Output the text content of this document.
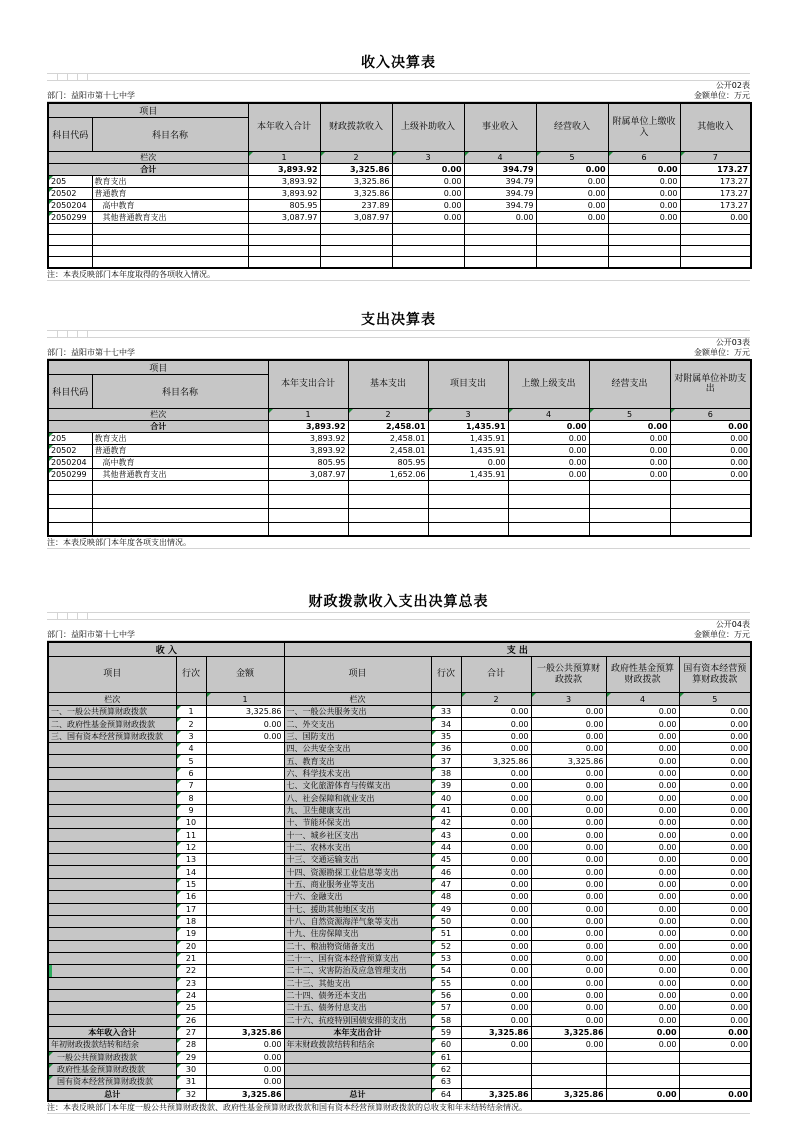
收入决算表
公开02表
部门：益阳市第十七中学	金额单位：万元
项目		本年收入合计	财政拨款收入	上级补助收入	事业收入	经营收入	附属单位上缴收入	其他收入
科目代码	科目名称							
栏次		1	2	3	4	5	6	7
合计		3,893.92	3,325.86	0.00	394.79	0.00	0.00	173.27
205	教育支出	3,893.92	3,325.86	0.00	394.79	0.00	0.00	173.27
20502	普通教育	3,893.92	3,325.86	0.00	394.79	0.00	0.00	173.27
2050204	高中教育	805.95	237.89	0.00	394.79	0.00	0.00	173.27
2050299	其他普通教育支出	3,087.97	3,087.97	0.00	0.00	0.00	0.00	0.00

注：本表反映部门本年度取得的各项收入情况。
支出决算表
公开03表
部门：益阳市第十七中学	金额单位：万元
项目		本年支出合计	基本支出	项目支出	上缴上级支出	经营支出	对附属单位补助支出
科目代码	科目名称						
栏次		1	2	3	4	5	6
合计		3,893.92	2,458.01	1,435.91	0.00	0.00	0.00
205	教育支出	3,893.92	2,458.01	1,435.91	0.00	0.00	0.00
20502	普通教育	3,893.92	2,458.01	1,435.91	0.00	0.00	0.00
2050204	高中教育	805.95	805.95	0.00	0.00	0.00	0.00
2050299	其他普通教育支出	3,087.97	1,652.06	1,435.91	0.00	0.00	0.00

注：本表反映部门本年度各项支出情况。
财政拨款收入支出决算总表
公开04表
部门：益阳市第十七中学	金额单位：万元
收 入			支 出					
项目	行次	金额	项目	行次	合计	一般公共预算财政拨款	政府性基金预算财政拨款	国有资本经营预算财政拨款
栏次		1	栏次		2	3	4	5
一、一般公共预算财政拨款	1	3,325.86	一、一般公共服务支出	33	0.00	0.00	0.00	0.00
二、政府性基金预算财政拨款	2	0.00	二、外交支出	34	0.00	0.00	0.00	0.00
三、国有资本经营预算财政拨款	3	0.00	三、国防支出	35	0.00	0.00	0.00	0.00
	4		四、公共安全支出	36	0.00	0.00	0.00	0.00
	5		五、教育支出	37	3,325.86	3,325.86	0.00	0.00
	6		六、科学技术支出	38	0.00	0.00	0.00	0.00
	7		七、文化旅游体育与传媒支出	39	0.00	0.00	0.00	0.00
	8		八、社会保障和就业支出	40	0.00	0.00	0.00	0.00
	9		九、卫生健康支出	41	0.00	0.00	0.00	0.00
	10		十、节能环保支出	42	0.00	0.00	0.00	0.00
	11		十一、城乡社区支出	43	0.00	0.00	0.00	0.00
	12		十二、农林水支出	44	0.00	0.00	0.00	0.00
	13		十三、交通运输支出	45	0.00	0.00	0.00	0.00
	14		十四、资源勘探工业信息等支出	46	0.00	0.00	0.00	0.00
	15		十五、商业服务业等支出	47	0.00	0.00	0.00	0.00
	16		十六、金融支出	48	0.00	0.00	0.00	0.00
	17		十七、援助其他地区支出	49	0.00	0.00	0.00	0.00
	18		十八、自然资源海洋气象等支出	50	0.00	0.00	0.00	0.00
	19		十九、住房保障支出	51	0.00	0.00	0.00	0.00
	20		二十、粮油物资储备支出	52	0.00	0.00	0.00	0.00
	21		二十一、国有资本经营预算支出	53	0.00	0.00	0.00	0.00
	22		二十二、灾害防治及应急管理支出	54	0.00	0.00	0.00	0.00
	23		二十三、其他支出	55	0.00	0.00	0.00	0.00
	24		二十四、债务还本支出	56	0.00	0.00	0.00	0.00
	25		二十五、债务付息支出	57	0.00	0.00	0.00	0.00
	26		二十六、抗疫特别国债安排的支出	58	0.00	0.00	0.00	0.00
本年收入合计	27	3,325.86	本年支出合计	59	3,325.86	3,325.86	0.00	0.00
年初财政拨款结转和结余	28	0.00	年末财政拨款结转和结余	60	0.00	0.00	0.00	0.00
一般公共预算财政拨款	29	0.00		61				
政府性基金预算财政拨款	30	0.00		62				
国有资本经营预算财政拨款	31	0.00		63				
总计	32	3,325.86	总计	64	3,325.86	3,325.86	0.00	0.00
注：本表反映部门本年度一般公共预算财政拨款、政府性基金预算财政拨款和国有资本经营预算财政拨款的总收支和年末结转结余情况。
